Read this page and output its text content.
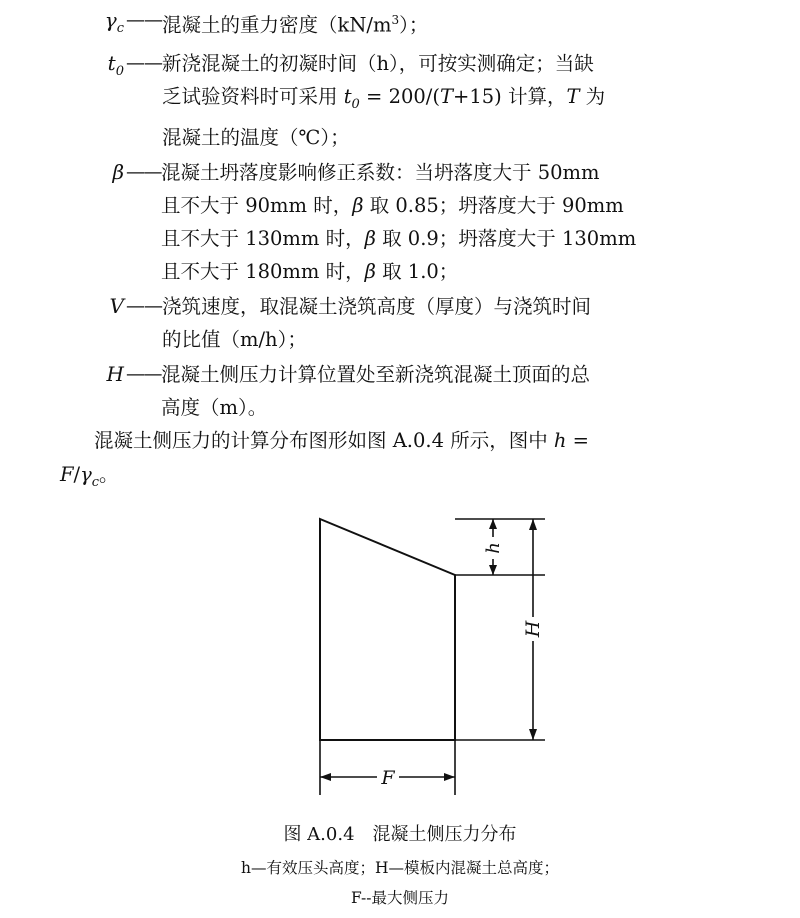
$\gamma_c$ —— 混凝土的重力密度$(kN/m^3)$；
$t_0$ —— 新浇混凝土的初凝时间（h），可按实测确定；当缺
乏试验资料时可采用 $t_0 = 200/(T+15)$ 计算，T 为
混凝土的温度（℃）；
β —— 混凝土坍落度影响修正系数：当坍落度大于 50mm
且不大于 90mm 时，β 取 0.85；坍落度大于 90mm
且不大于 130mm 时，β 取 0.9；坍落度大于 130mm
且不大于 180mm 时，β 取 1.0；
V —— 浇筑速度，取混凝土浇筑高度（厚度）与浇筑时间
的比值（m/h）；
H —— 混凝土侧压力计算位置处至新浇筑混凝土顶面的总
高度（m）。
混凝土侧压力的计算分布图形如图 A.0.4 所示，图中 h =
$F/\gamma_c$。
h
H
F
图 A.0.4 混凝土侧压力分布
h—有效压头高度；H—模板内混凝土总高度；
F--最大侧压力
